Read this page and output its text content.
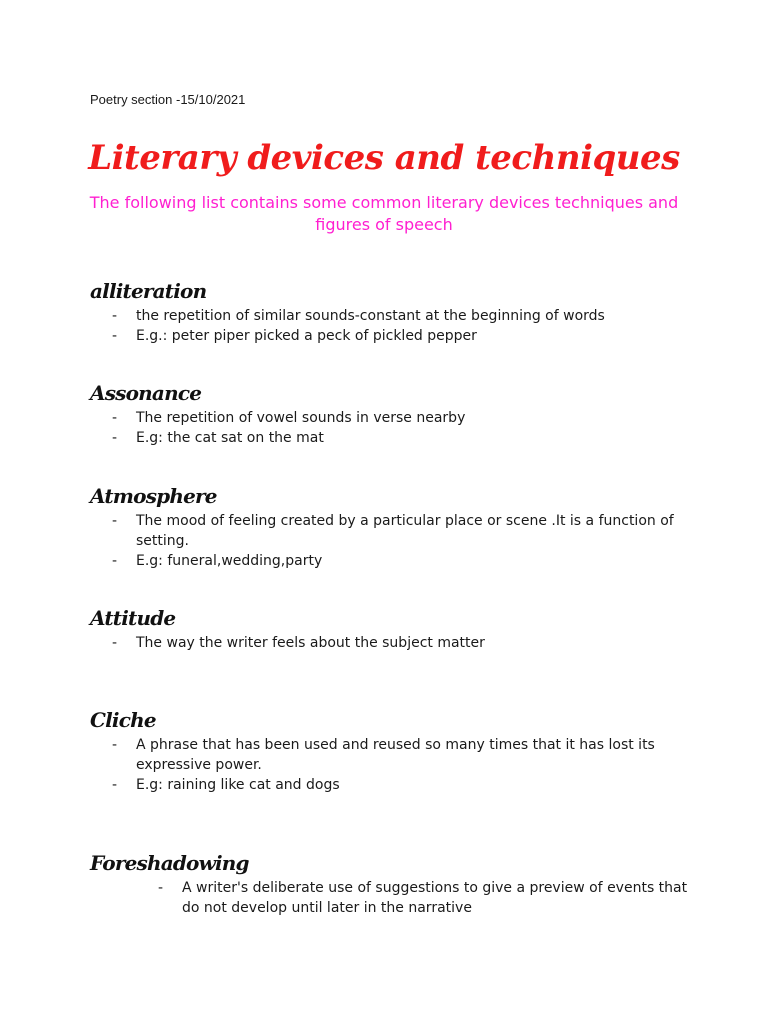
Poetry section -15/10/2021
Literary devices and techniques
The following list contains some common literary devices techniques and figures of speech
alliteration
- the repetition of similar sounds-constant at the beginning of words
- E.g.: peter piper picked a peck of pickled pepper
Assonance
- The repetition of vowel sounds in verse nearby
- E.g: the cat sat on the mat
Atmosphere
- The mood of feeling created by a particular place or scene .It is a function of setting.
- E.g: funeral,wedding,party
Attitude
- The way the writer feels about the subject matter
Cliche
- A phrase that has been used and reused so many times that it has lost its expressive power.
- E.g: raining like cat and dogs
Foreshadowing
- A writer's deliberate use of suggestions to give a preview of events that do not develop until later in the narrative
